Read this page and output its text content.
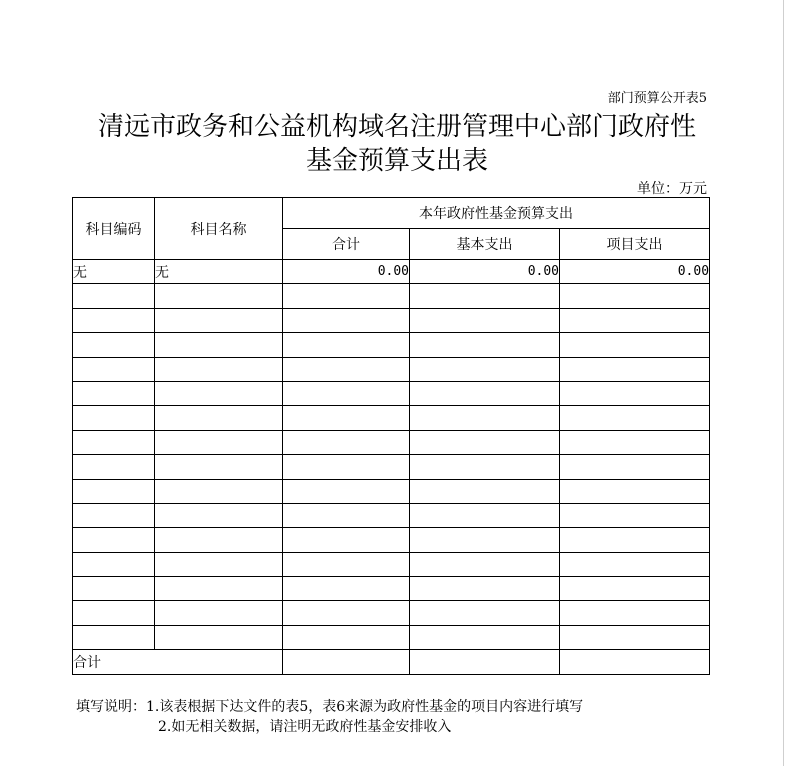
部门预算公开表5
清远市政务和公益机构域名注册管理中心部门政府性
基金预算支出表
单位：万元
科目编码	科目名称	本年政府性基金预算支出		
		合计	基本支出	项目支出
无	无	0.00	0.00	0.00

合计				
填写说明：1.该表根据下达文件的表5，表6来源为政府性基金的项目内容进行填写
2.如无相关数据，请注明无政府性基金安排收入
